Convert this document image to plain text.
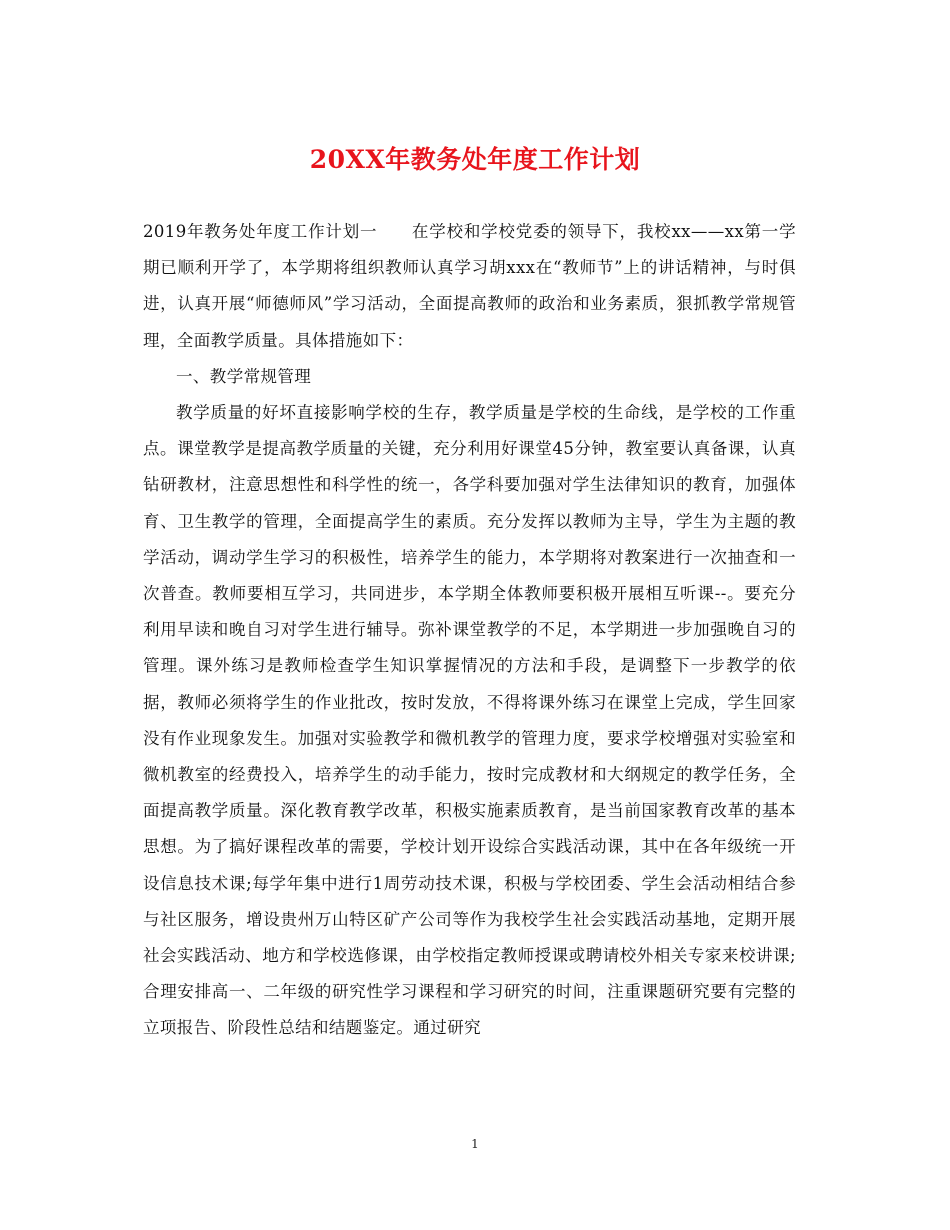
20XX年教务处年度工作计划

2019年教务处年度工作计划一　　在学校和学校党委的领导下，我校xx——xx第一学期已顺利开学了，本学期将组织教师认真学习胡xxx在“教师节”上的讲话精神，与时俱进，认真开展“师德师风”学习活动，全面提高教师的政治和业务素质，狠抓教学常规管理，全面教学质量。具体措施如下：

一、教学常规管理

教学质量的好坏直接影响学校的生存，教学质量是学校的生命线，是学校的工作重点。课堂教学是提高教学质量的关键，充分利用好课堂45分钟，教室要认真备课，认真钻研教材，注意思想性和科学性的统一，各学科要加强对学生法律知识的教育，加强体育、卫生教学的管理，全面提高学生的素质。充分发挥以教师为主导，学生为主题的教学活动，调动学生学习的积极性，培养学生的能力，本学期将对教案进行一次抽查和一次普查。教师要相互学习，共同进步，本学期全体教师要积极开展相互听课--。要充分利用早读和晚自习对学生进行辅导。弥补课堂教学的不足，本学期进一步加强晚自习的管理。课外练习是教师检查学生知识掌握情况的方法和手段，是调整下一步教学的依据，教师必须将学生的作业批改，按时发放，不得将课外练习在课堂上完成，学生回家没有作业现象发生。加强对实验教学和微机教学的管理力度，要求学校增强对实验室和微机教室的经费投入，培养学生的动手能力，按时完成教材和大纲规定的教学任务，全面提高教学质量。深化教育教学改革，积极实施素质教育，是当前国家教育改革的基本思想。为了搞好课程改革的需要，学校计划开设综合实践活动课，其中在各年级统一开设信息技术课;每学年集中进行1周劳动技术课，积极与学校团委、学生会活动相结合参与社区服务，增设贵州万山特区矿产公司等作为我校学生社会实践活动基地，定期开展社会实践活动、地方和学校选修课，由学校指定教师授课或聘请校外相关专家来校讲课;合理安排高一、二年级的研究性学习课程和学习研究的时间，注重课题研究要有完整的立项报告、阶段性总结和结题鉴定。通过研究

1
